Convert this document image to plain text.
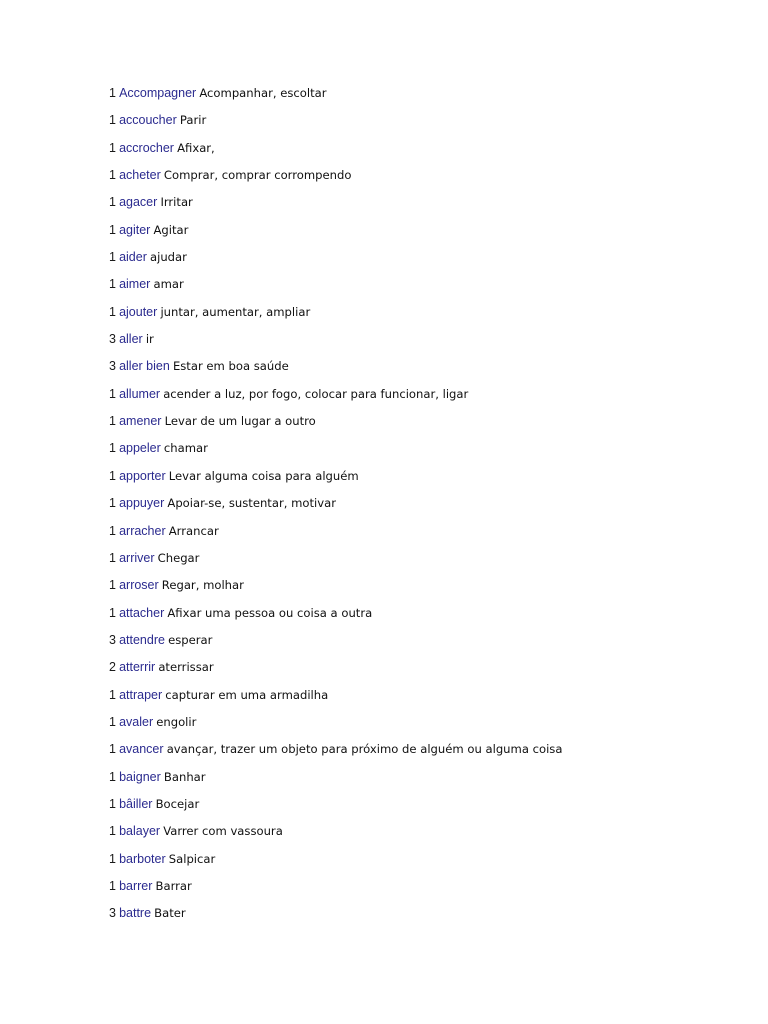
1 Accompagner Acompanhar, escoltar
1 accoucher Parir
1 accrocher Afixar,
1 acheter Comprar, comprar corrompendo
1 agacer Irritar
1 agiter Agitar
1 aider ajudar
1 aimer amar
1 ajouter juntar, aumentar, ampliar
3 aller ir
3 aller bien Estar em boa saúde
1 allumer acender a luz, por fogo, colocar para funcionar, ligar
1 amener Levar de um lugar a outro
1 appeler chamar
1 apporter Levar alguma coisa para alguém
1 appuyer Apoiar-se, sustentar, motivar
1 arracher Arrancar
1 arriver Chegar
1 arroser Regar, molhar
1 attacher Afixar uma pessoa ou coisa a outra
3 attendre esperar
2 atterrir aterrissar
1 attraper capturar em uma armadilha
1 avaler engolir
1 avancer avançar, trazer um objeto para próximo de alguém ou alguma coisa
1 baigner Banhar
1 bâiller Bocejar
1 balayer Varrer com vassoura
1 barboter Salpicar
1 barrer Barrar
3 battre Bater
